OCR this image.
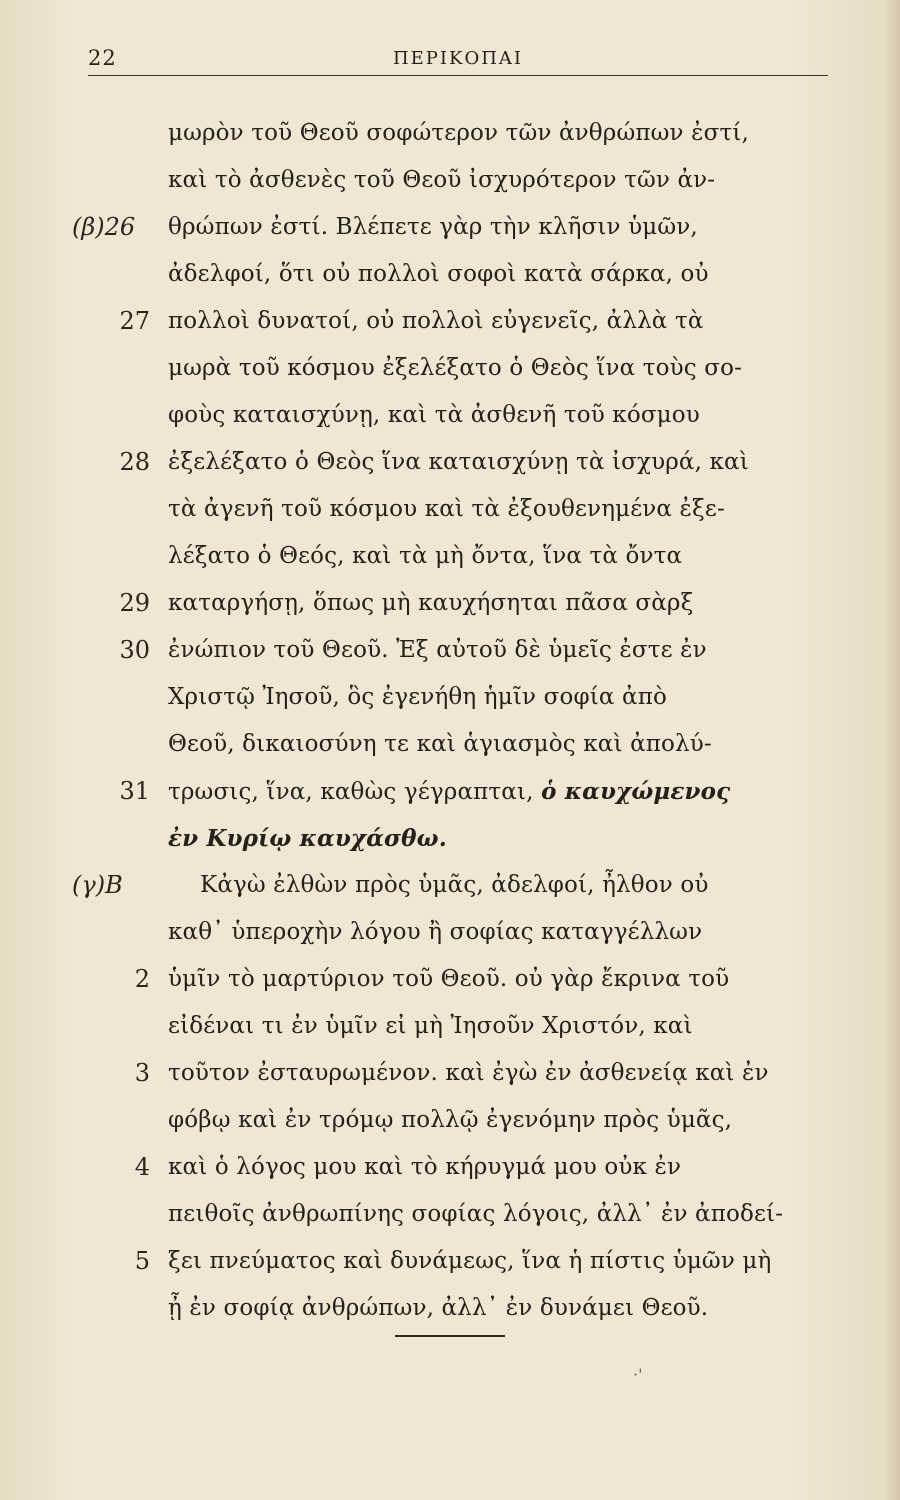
22	ΠΕΡΙΚΟΠΑΙ
μωρὸν τοῦ Θεοῦ σοφώτερον τῶν ἀνθρώπων ἐστί,
καὶ τὸ ἀσθενὲς τοῦ Θεοῦ ἰσχυρότερον τῶν ἀν-
(β)26	θρώπων ἐστί. Βλέπετε γὰρ τὴν κλῆσιν ὑμῶν,
ἀδελφοί, ὅτι οὐ πολλοὶ σοφοὶ κατὰ σάρκα, οὐ
27 πολλοὶ δυνατοί, οὐ πολλοὶ εὐγενεῖς, ἀλλὰ τὰ
μωρὰ τοῦ κόσμου ἐξελέξατο ὁ Θεὸς ἵνα τοὺς σο-
φοὺς καταισχύνῃ, καὶ τὰ ἀσθενῆ τοῦ κόσμου
28 ἐξελέξατο ὁ Θεὸς ἵνα καταισχύνῃ τὰ ἰσχυρά, καὶ
τὰ ἀγενῆ τοῦ κόσμου καὶ τὰ ἐξουθενημένα ἐξε-
λέξατο ὁ Θεός, καὶ τὰ μὴ ὄντα, ἵνα τὰ ὄντα
29 καταργήσῃ, ὅπως μὴ καυχήσηται πᾶσα σὰρξ
30 ἐνώπιον τοῦ Θεοῦ. Ἐξ αὐτοῦ δὲ ὑμεῖς ἐστε ἐν
Χριστῷ Ἰησοῦ, ὃς ἐγενήθη ἡμῖν σοφία ἀπὸ
Θεοῦ, δικαιοσύνη τε καὶ ἁγιασμὸς καὶ ἀπολύ-
31 τρωσις, ἵνα, καθὼς γέγραπται, ὁ καυχώμενος
ἐν Κυρίῳ καυχάσθω.
(γ)B	Κἀγὼ ἐλθὼν πρὸς ὑμᾶς, ἀδελφοί, ἦλθον οὐ
καθ᾽ ὑπεροχὴν λόγου ἢ σοφίας καταγγέλλων
2 ὑμῖν τὸ μαρτύριον τοῦ Θεοῦ. οὐ γὰρ ἔκρινα τοῦ
εἰδέναι τι ἐν ὑμῖν εἰ μὴ Ἰησοῦν Χριστόν, καὶ
3 τοῦτον ἐσταυρωμένον. καὶ ἐγὼ ἐν ἀσθενείᾳ καὶ ἐν
φόβῳ καὶ ἐν τρόμῳ πολλῷ ἐγενόμην πρὸς ὑμᾶς,
4 καὶ ὁ λόγος μου καὶ τὸ κήρυγμά μου οὐκ ἐν
πειθοῖς ἀνθρωπίνης σοφίας λόγοις, ἀλλ᾽ ἐν ἀποδεί-
5 ξει πνεύματος καὶ δυνάμεως, ἵνα ἡ πίστις ὑμῶν μὴ
ᾖ ἐν σοφίᾳ ἀνθρώπων, ἀλλ᾽ ἐν δυνάμει Θεοῦ.
·'
